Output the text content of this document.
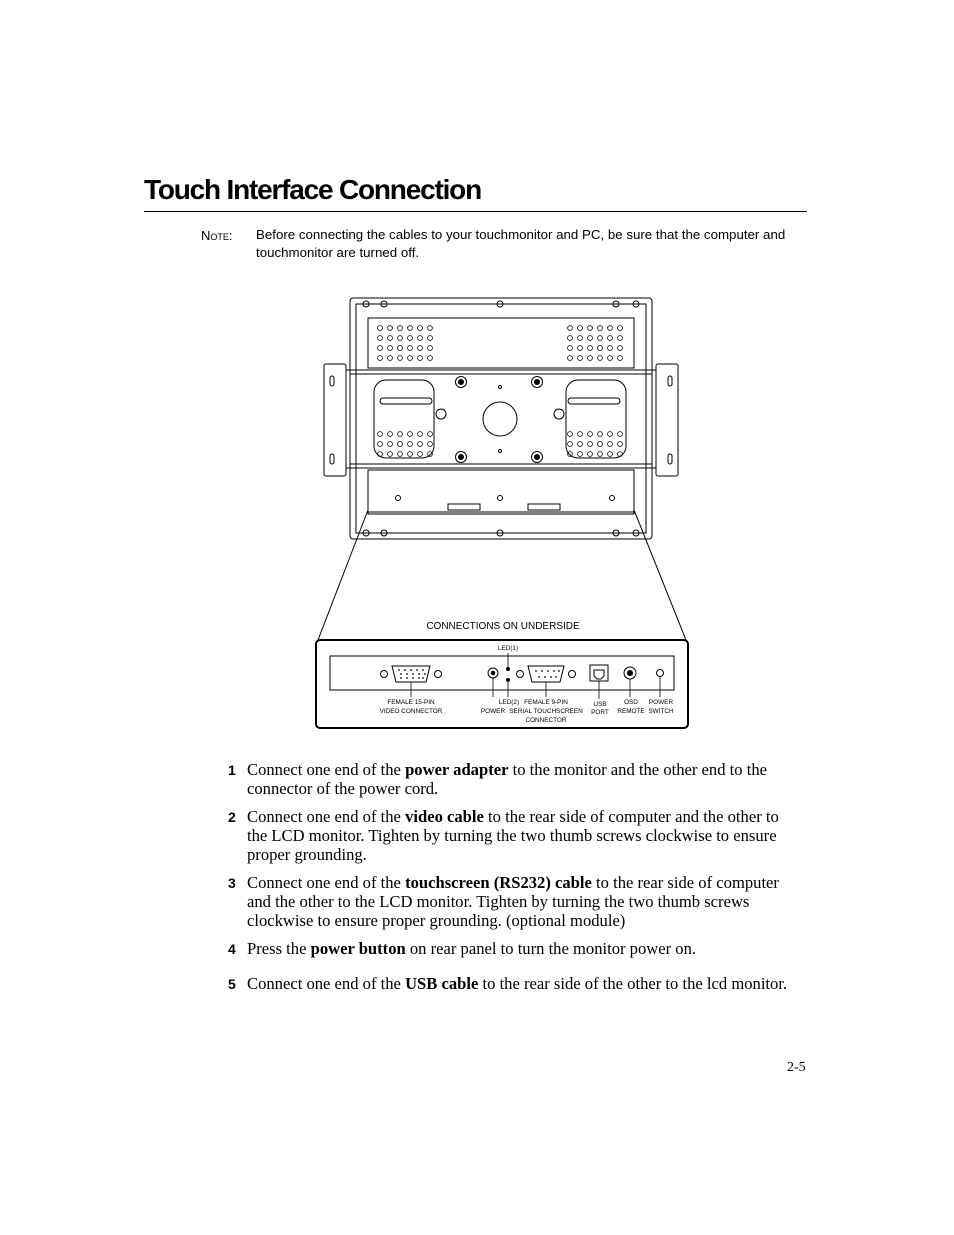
Touch Interface Connection
Note: Before connecting the cables to your touchmonitor and PC, be sure that the computer and touchmonitor are turned off.
CONNECTIONS ON UNDERSIDE
LED(1)
FEMALE 15-PIN
VIDEO CONNECTOR
LED(2)
POWER
FEMALE 9-PIN
SERIAL TOUCHSCREEN
CONNECTOR
USB
PORT
OSD
REMOTE
POWER
SWITCH
1 Connect one end of the power adapter to the monitor and the other end to the connector of the power cord.
2 Connect one end of the video cable to the rear side of computer and the other to the LCD monitor. Tighten by turning the two thumb screws clockwise to ensure proper grounding.
3 Connect one end of the touchscreen (RS232) cable to the rear side of computer and the other to the LCD monitor. Tighten by turning the two thumb screws clockwise to ensure proper grounding. (optional module)
4 Press the power button on rear panel to turn the monitor power on.
5 Connect one end of the USB cable to the rear side of the other to the lcd monitor.
2-5
